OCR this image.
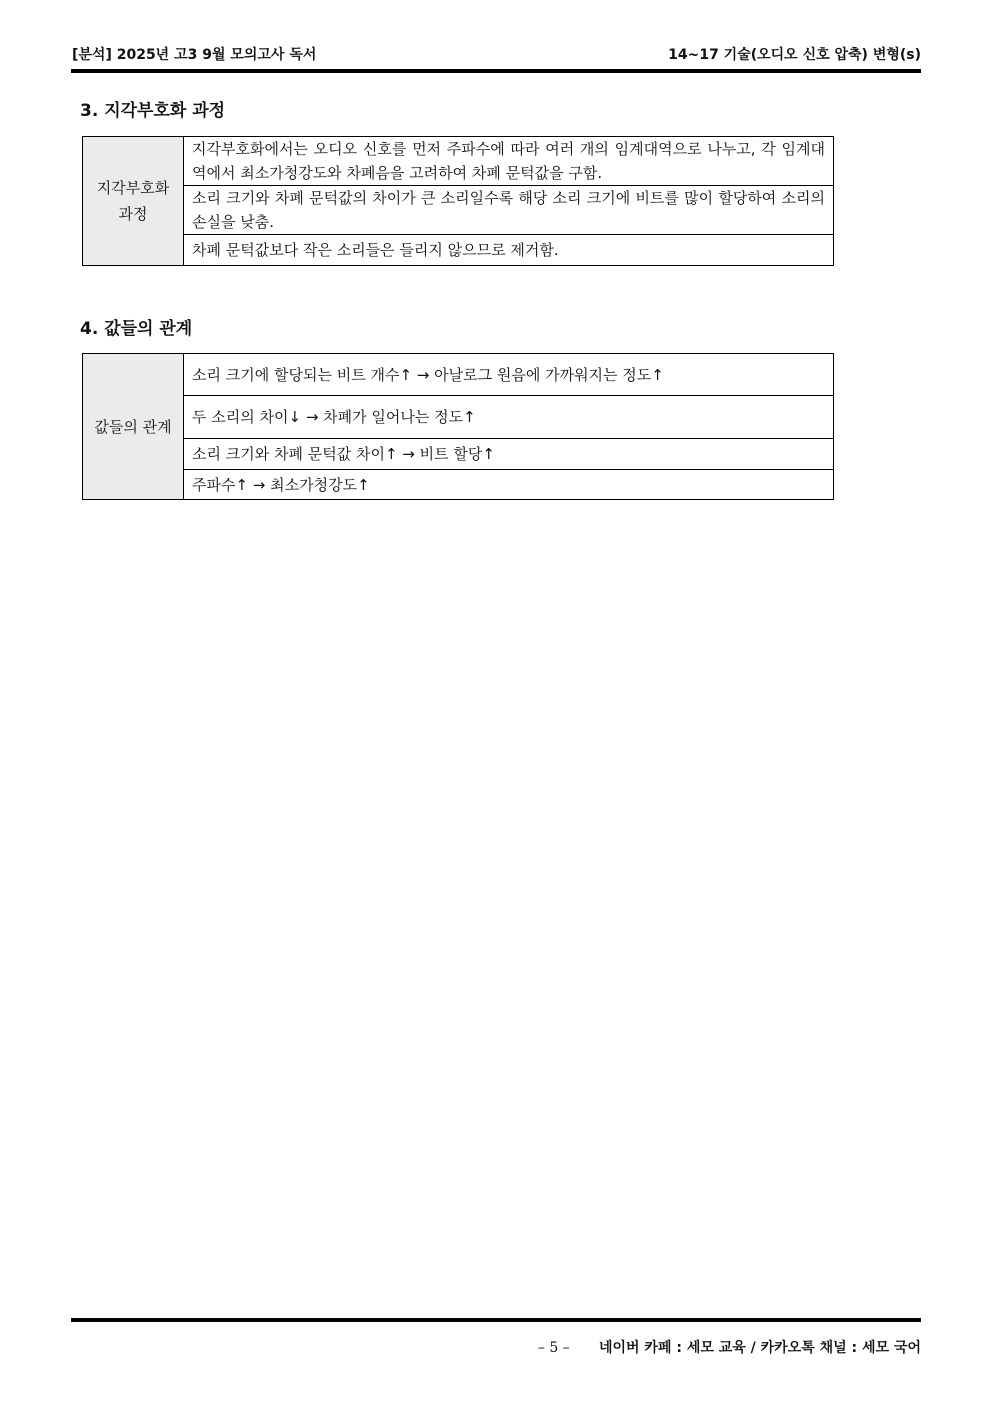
[분석] 2025년 고3 9월 모의고사 독서	14~17 기술(오디오 신호 압축) 변형(s)
3. 지각부호화 과정
지각부호화
과정	지각부호화에서는 오디오 신호를 먼저 주파수에 따라 여러 개의 임계대역으로 나누고, 각 임계대역에서 최소가청강도와 차폐음을 고려하여 차폐 문턱값을 구함.
소리 크기와 차폐 문턱값의 차이가 큰 소리일수록 해당 소리 크기에 비트를 많이 할당하여 소리의 손실을 낮춤.
차폐 문턱값보다 작은 소리들은 들리지 않으므로 제거함.
4. 값들의 관계
값들의 관계	소리 크기에 할당되는 비트 개수↑ → 아날로그 원음에 가까워지는 정도↑
두 소리의 차이↓ → 차폐가 일어나는 정도↑
소리 크기와 차폐 문턱값 차이↑ → 비트 할당↑
주파수↑ → 최소가청강도↑
– 5 – 네이버 카페 : 세모 교육 / 카카오톡 채널 : 세모 국어
